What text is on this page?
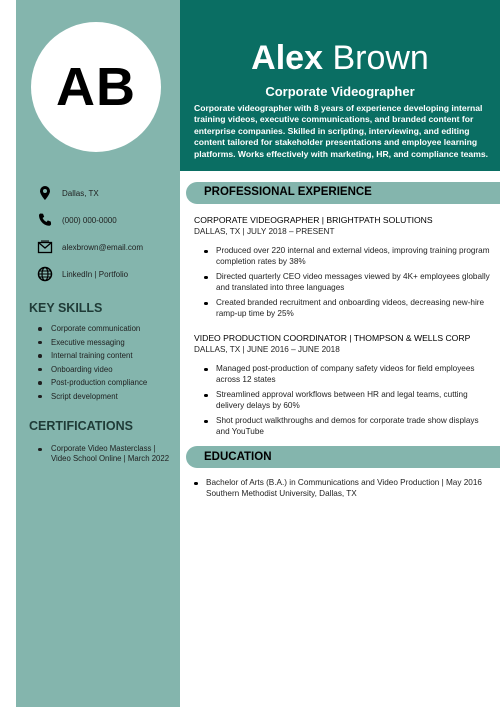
AB	Alex Brown
Corporate Videographer
Corporate videographer with 8 years of experience developing internal training videos, executive communications, and branded content for enterprise companies. Skilled in scripting, interviewing, and editing content tailored for stakeholder presentations and employee learning platforms. Works effectively with marketing, HR, and compliance teams.
Dallas, TX
(000) 000-0000
alexbrown@email.com
LinkedIn | Portfolio
KEY SKILLS
Corporate communication
Executive messaging
Internal training content
Onboarding video
Post-production compliance
Script development
CERTIFICATIONS
Corporate Video Masterclass | Video School Online | March 2022
PROFESSIONAL EXPERIENCE
CORPORATE VIDEOGRAPHER | BRIGHTPATH SOLUTIONS
DALLAS, TX | JULY 2018 – PRESENT
Produced over 220 internal and external videos, improving training program completion rates by 38%
Directed quarterly CEO video messages viewed by 4K+ employees globally and translated into three languages
Created branded recruitment and onboarding videos, decreasing new-hire ramp-up time by 25%
VIDEO PRODUCTION COORDINATOR | THOMPSON & WELLS CORP
DALLAS, TX | JUNE 2016 – JUNE 2018
Managed post-production of company safety videos for field employees across 12 states
Streamlined approval workflows between HR and legal teams, cutting delivery delays by 60%
Shot product walkthroughs and demos for corporate trade show displays and YouTube
EDUCATION
Bachelor of Arts (B.A.) in Communications and Video Production | May 2016
Southern Methodist University, Dallas, TX
